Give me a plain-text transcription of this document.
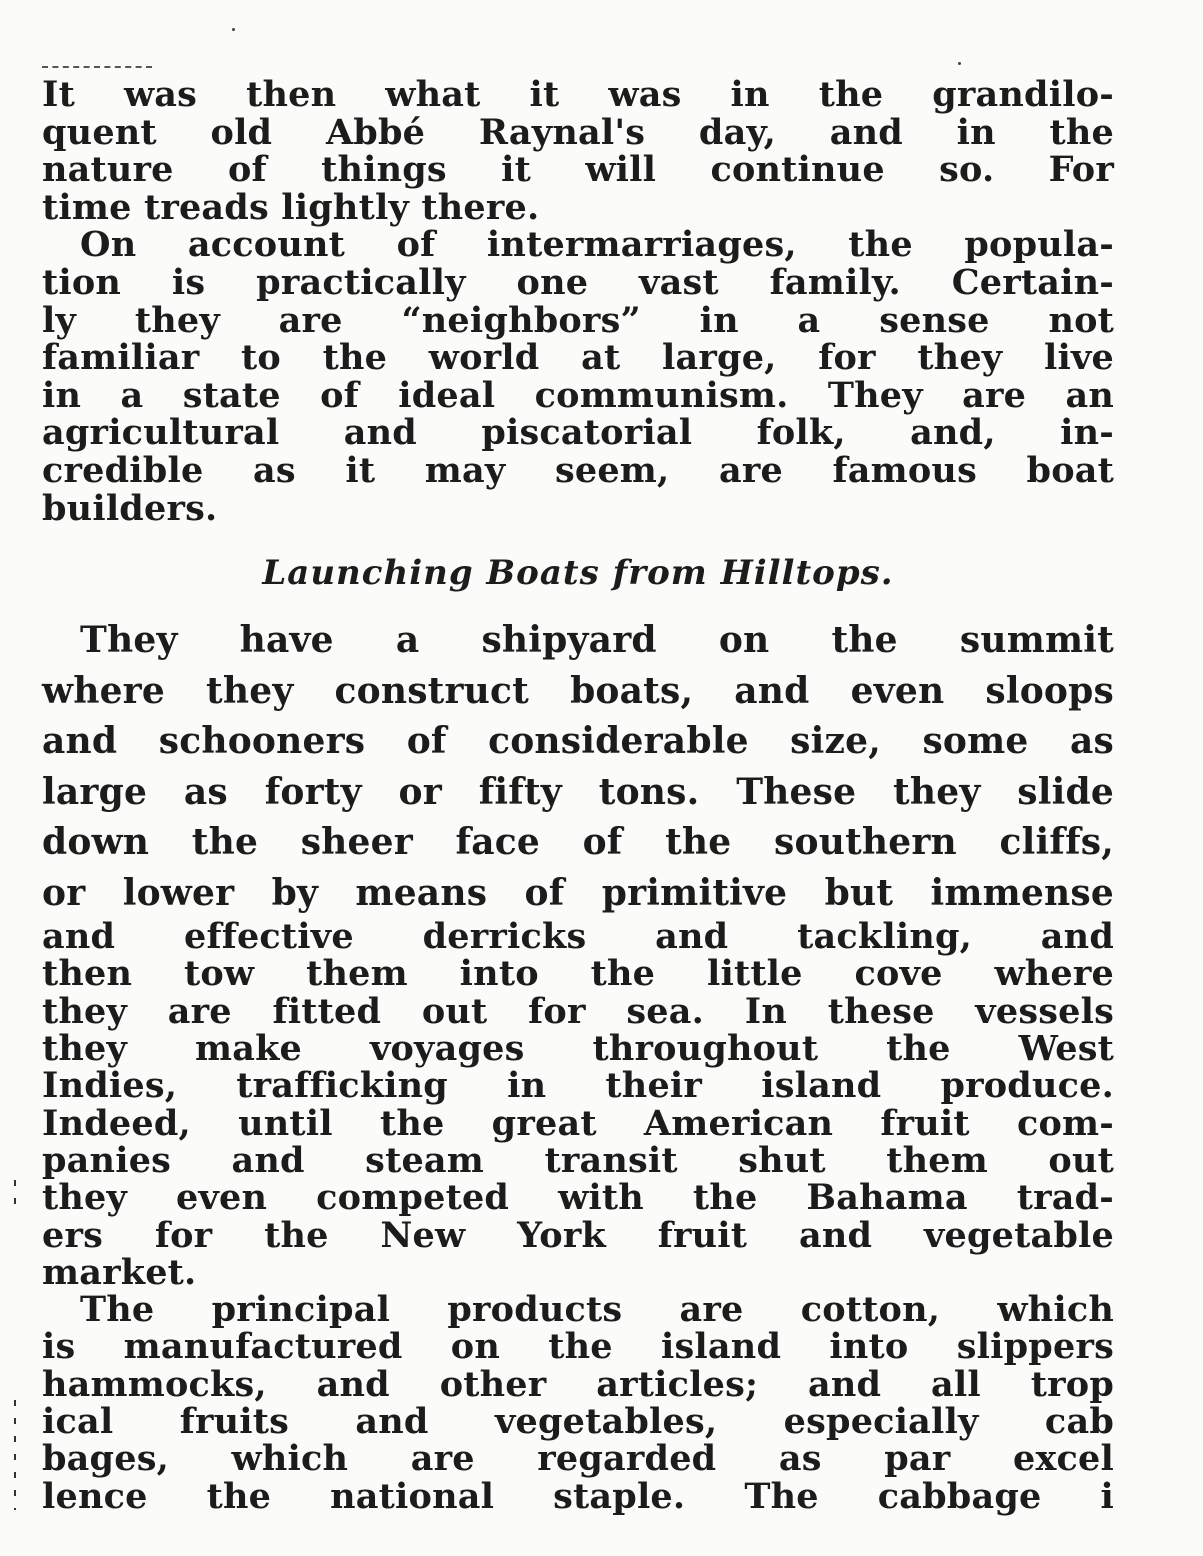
It was then what it was in the grandilo-
quent old Abbé Raynal's day, and in the
nature of things it will continue so. For
time treads lightly there.
On account of intermarriages, the popula-
tion is practically one vast family. Certain-
ly they are “neighbors” in a sense not
familiar to the world at large, for they live
in a state of ideal communism. They are an
agricultural and piscatorial folk, and, in-
credible as it may seem, are famous boat
builders.
Launching Boats from Hilltops.
They have a shipyard on the summit
where they construct boats, and even sloops
and schooners of considerable size, some as
large as forty or fifty tons. These they slide
down the sheer face of the southern cliffs,
or lower by means of primitive but immense
and effective derricks and tackling, and
then tow them into the little cove where
they are fitted out for sea. In these vessels
they make voyages throughout the West
Indies, trafficking in their island produce.
Indeed, until the great American fruit com-
panies and steam transit shut them out
they even competed with the Bahama trad-
ers for the New York fruit and vegetable
market.
The principal products are cotton, which
is manufactured on the island into slippers
hammocks, and other articles; and all trop
ical fruits and vegetables, especially cab
bages, which are regarded as par excel
lence the national staple. The cabbage i
